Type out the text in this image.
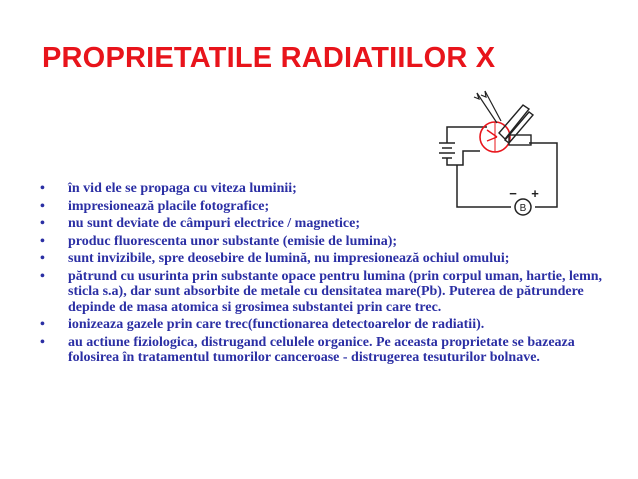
PROPRIETATILE RADIATIILOR X
B
− +
• în vid ele se propaga cu viteza luminii;
• impresionează placile fotografice;
• nu sunt deviate de câmpuri electrice / magnetice;
• produc fluorescenta unor substante (emisie de lumina);
• sunt invizibile, spre deosebire de lumină, nu impresionează ochiul omului;
• pătrund cu usurinta prin substante opace pentru lumina (prin corpul uman, hartie, lemn, sticla s.a), dar sunt absorbite de metale cu densitatea mare(Pb). Puterea de pătrundere depinde de masa atomica si grosimea substantei prin care trec.
• ionizeaza gazele prin care trec(functionarea detectoarelor de radiatii).
• au actiune fiziologica, distrugand celulele organice. Pe aceasta proprietate se bazeaza folosirea în tratamentul tumorilor canceroase - distrugerea tesuturilor bolnave.
